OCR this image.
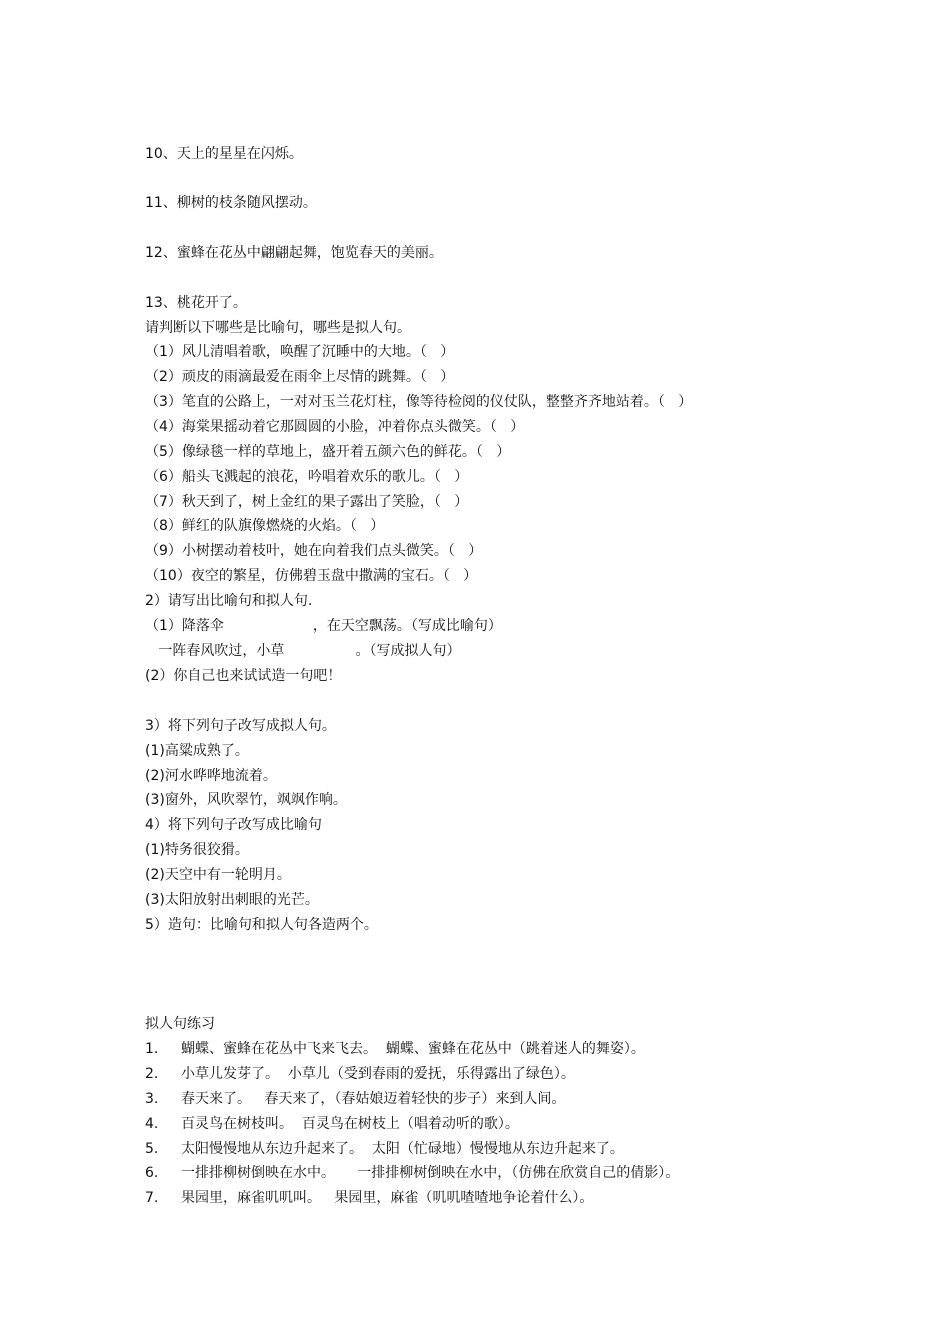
10、天上的星星在闪烁。
11、柳树的枝条随风摆动。
12、蜜蜂在花丛中翩翩起舞，饱览春天的美丽。
13、桃花开了。
请判断以下哪些是比喻句，哪些是拟人句。
（1）风儿清唱着歌，唤醒了沉睡中的大地。（   ）
（2）顽皮的雨滴最爱在雨伞上尽情的跳舞。（   ）
（3）笔直的公路上，一对对玉兰花灯柱，像等待检阅的仪仗队，整整齐齐地站着。（   ）
（4）海棠果摇动着它那圆圆的小脸，冲着你点头微笑。（   ）
（5）像绿毯一样的草地上，盛开着五颜六色的鲜花。（   ）
（6）船头飞溅起的浪花，吟唱着欢乐的歌儿。（   ）
（7）秋天到了，树上金红的果子露出了笑脸，（   ）
（8）鲜红的队旗像燃烧的火焰。（   ）
（9）小树摆动着枝叶，她在向着我们点头微笑。（   ）
（10）夜空的繁星，仿佛碧玉盘中撒满的宝石。（   ）
2）请写出比喻句和拟人句.
（1）降落伞                    ，在天空飘荡。（写成比喻句）
一阵春风吹过，小草                。（写成拟人句）
(2）你自己也来试试造一句吧！
3）将下列句子改写成拟人句。
(1)高粱成熟了。
(2)河水哗哗地流着。
(3)窗外，风吹翠竹，飒飒作响。
4）将下列句子改写成比喻句
(1)特务很狡猾。
(2)天空中有一轮明月。
(3)太阳放射出刺眼的光芒。
5）造句：比喻句和拟人句各造两个。
拟人句练习
1. 蝴蝶、蜜蜂在花丛中飞来飞去。  蝴蝶、蜜蜂在花丛中（跳着迷人的舞姿）。
2. 小草儿发芽了。  小草儿（受到春雨的爱抚，乐得露出了绿色）。
3. 春天来了。   春天来了，（春姑娘迈着轻快的步子）来到人间。
4. 百灵鸟在树枝叫。  百灵鸟在树枝上（唱着动听的歌）。
5. 太阳慢慢地从东边升起来了。  太阳（忙碌地）慢慢地从东边升起来了。
6. 一排排柳树倒映在水中。     一排排柳树倒映在水中，（仿佛在欣赏自己的倩影）。
7. 果园里，麻雀叽叽叫。   果园里，麻雀（叽叽喳喳地争论着什么）。
